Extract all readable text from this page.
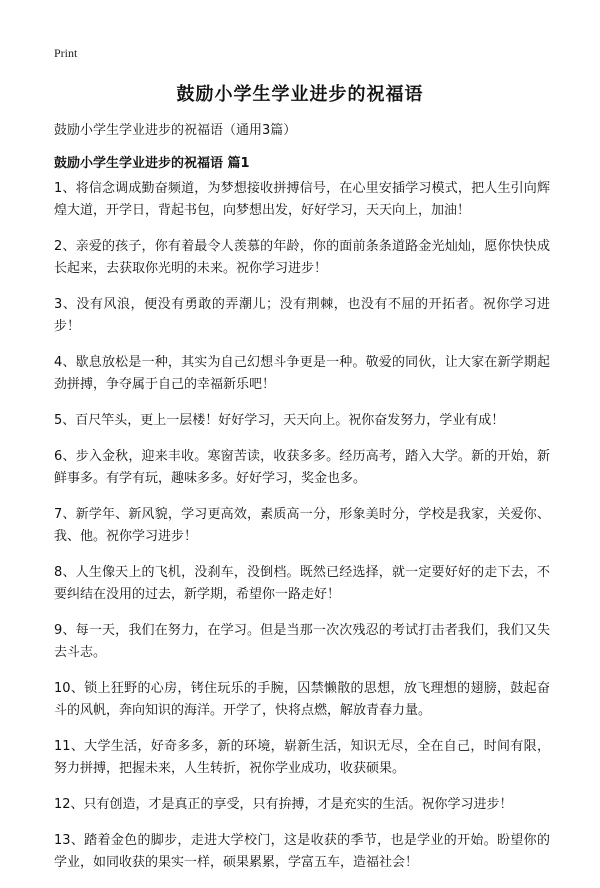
Print
鼓励小学生学业进步的祝福语
鼓励小学生学业进步的祝福语（通用3篇）
鼓励小学生学业进步的祝福语 篇1

1、将信念调成勤奋频道，为梦想接收拼搏信号，在心里安插学习模式，把人生引向辉煌大道，开学日，背起书包，向梦想出发，好好学习，天天向上，加油！

2、亲爱的孩子，你有着最令人羡慕的年龄，你的面前条条道路金光灿灿，愿你快快成长起来，去获取你光明的未来。祝你学习进步！

3、没有风浪，便没有勇敢的弄潮儿；没有荆棘，也没有不屈的开拓者。祝你学习进步！

4、歇息放松是一种，其实为自己幻想斗争更是一种。敬爱的同伙，让大家在新学期起劲拼搏，争夺属于自己的幸福新乐吧！

5、百尺竿头，更上一层楼！好好学习，天天向上。祝你奋发努力，学业有成！

6、步入金秋，迎来丰收。寒窗苦读，收获多多。经历高考，踏入大学。新的开始，新鲜事多。有学有玩，趣味多多。好好学习，奖金也多。

7、新学年、新风貌，学习更高效，素质高一分，形象美时分，学校是我家，关爱你、我、他。祝你学习进步！

8、人生像天上的飞机，没刹车，没倒档。既然已经选择，就一定要好好的走下去，不要纠结在没用的过去，新学期，希望你一路走好！

9、每一天，我们在努力，在学习。但是当那一次次残忍的考试打击者我们，我们又失去斗志。

10、锁上狂野的心房，铐住玩乐的手腕，囚禁懒散的思想，放飞理想的翅膀，鼓起奋斗的风帆，奔向知识的海洋。开学了，快将点燃，解放青春力量。

11、大学生活，好奇多多，新的环境，崭新生活，知识无尽，全在自己，时间有限，努力拼搏，把握未来，人生转折，祝你学业成功，收获硕果。

12、只有创造，才是真正的享受，只有拚搏，才是充实的生活。祝你学习进步！

13、踏着金色的脚步，走进大学校门，这是收获的季节，也是学业的开始。盼望你的学业，如同收获的果实一样，硕果累累，学富五车，造福社会！
